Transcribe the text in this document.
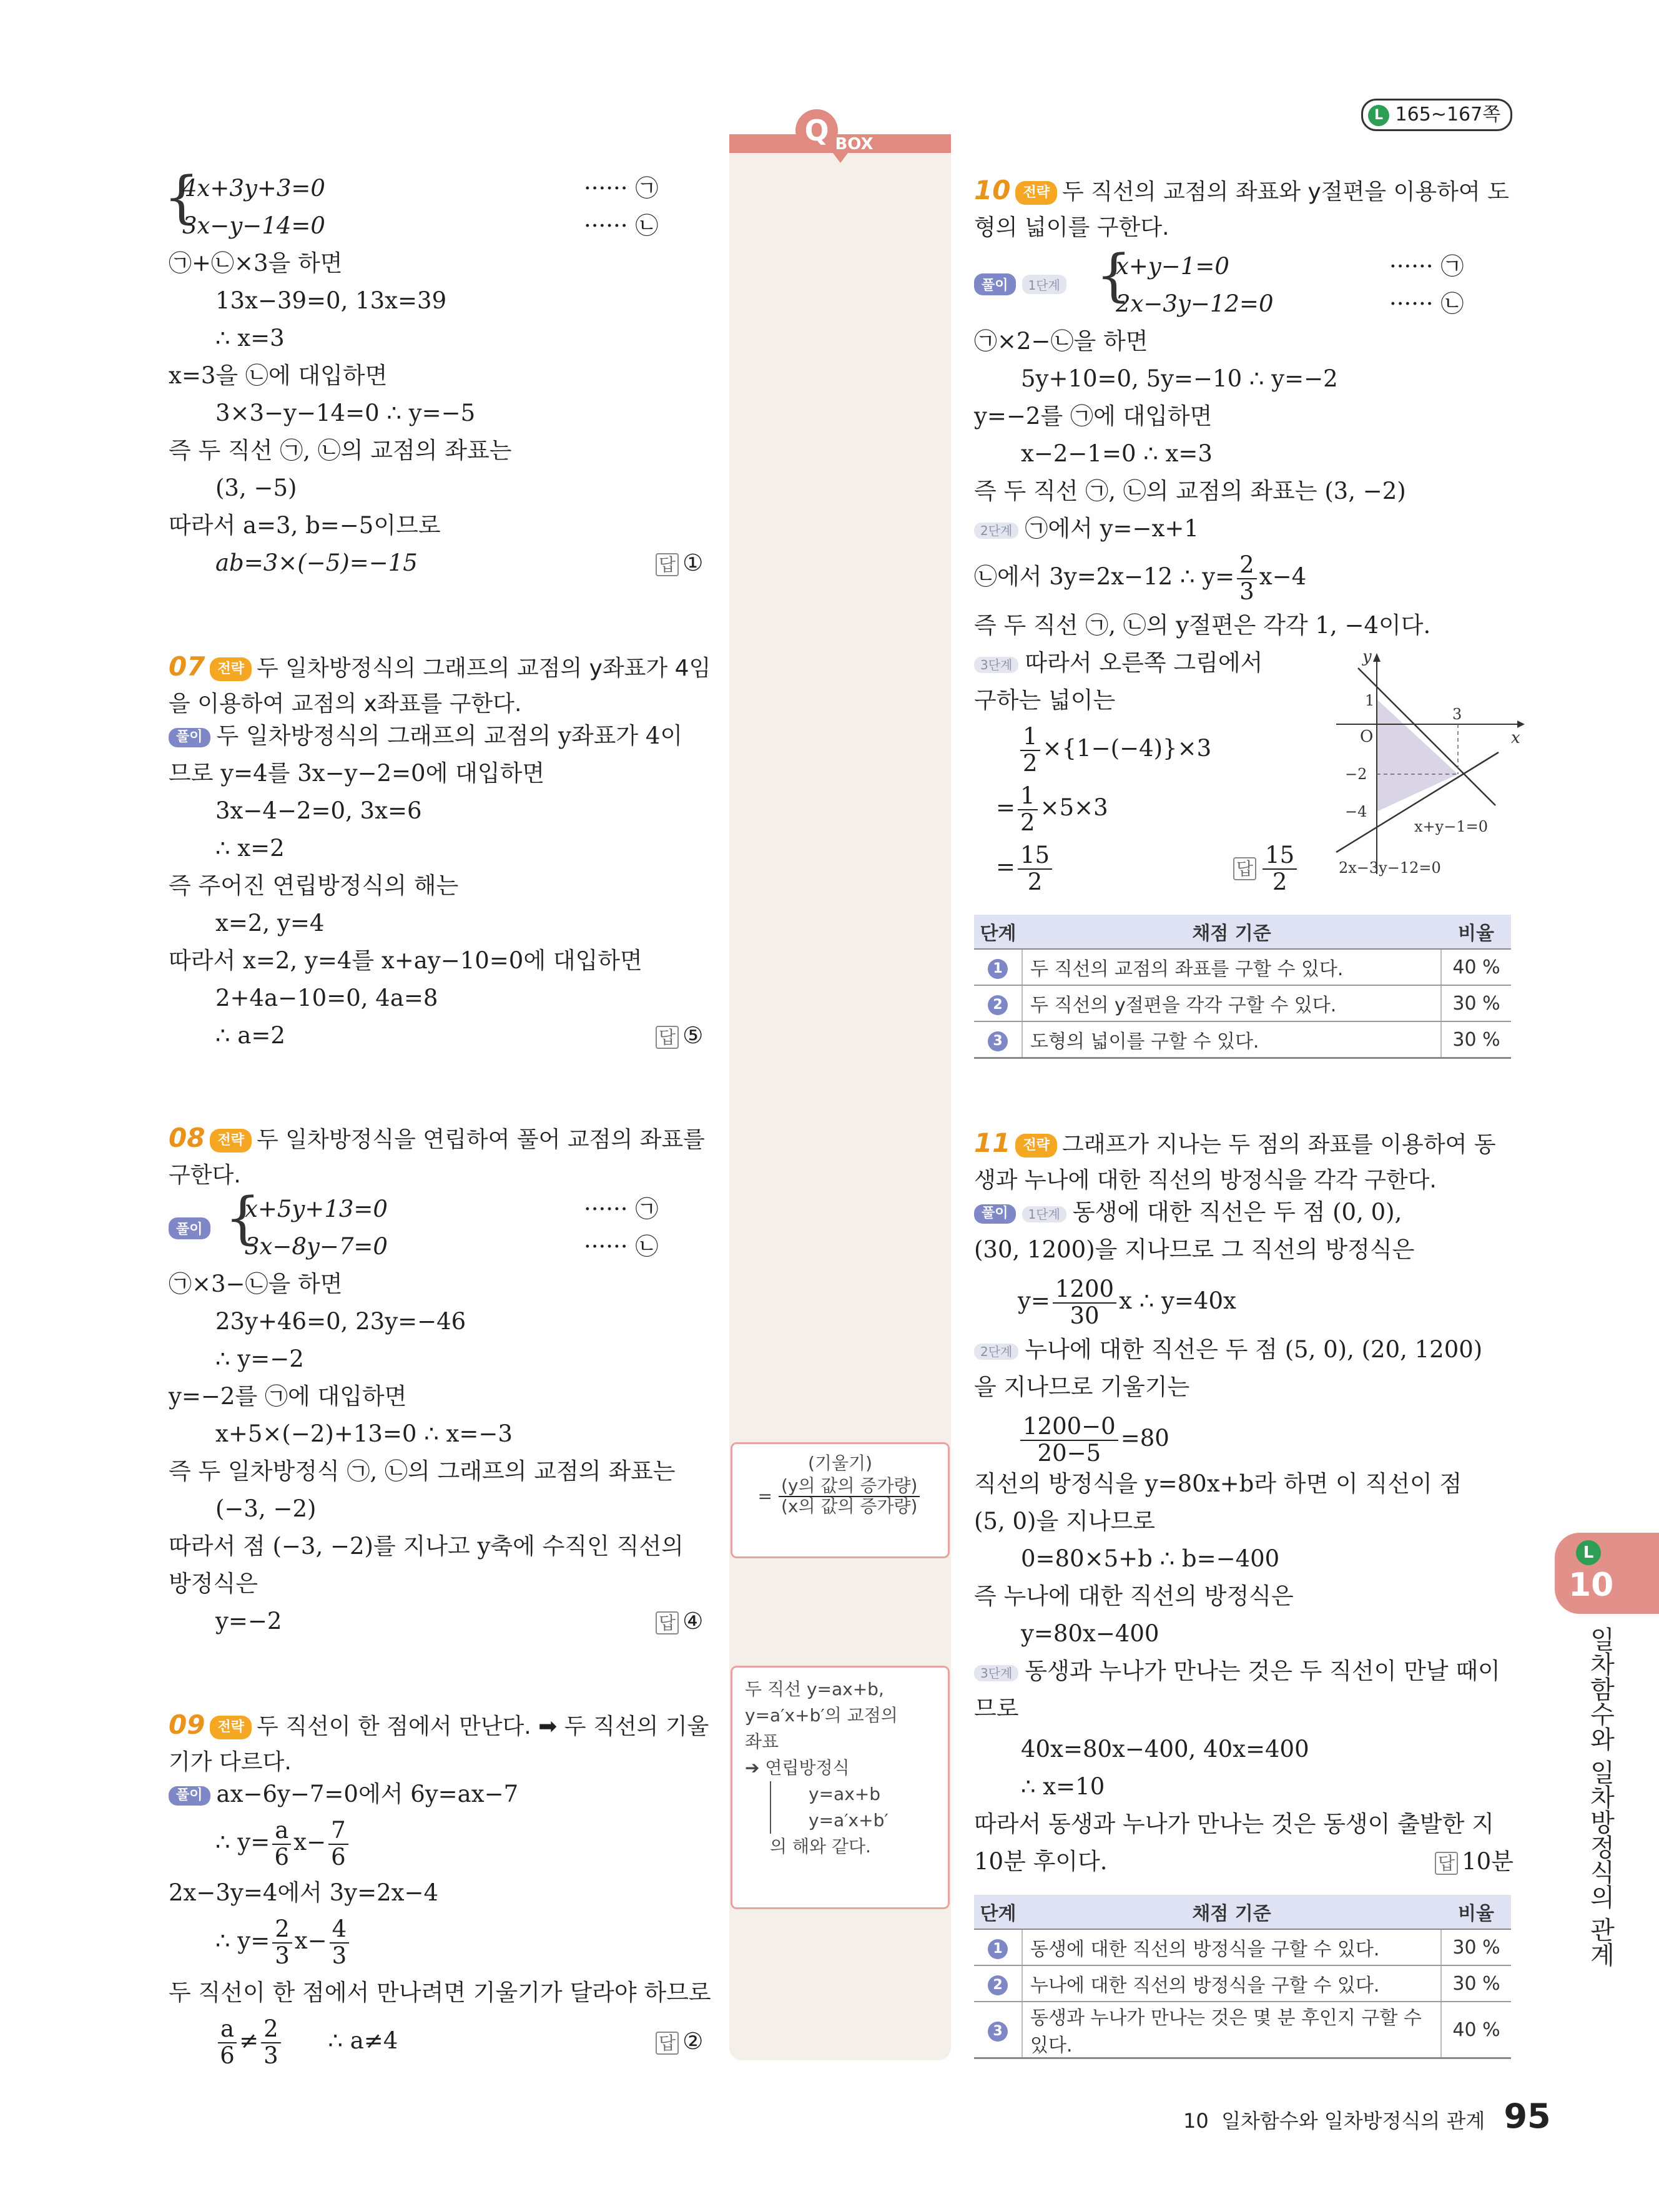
L 165~167쪽
Q BOX
{
4x+3y+3=0
3x−y−14=0
······ ㉠
······ ㉡
㉠+㉡×3을 하면
13x−39=0, 13x=39
∴ x=3
x=3을 ㉡에 대입하면
3×3−y−14=0 ∴ y=−5
즉 두 직선 ㉠, ㉡의 교점의 좌표는
(3, −5)
따라서 a=3, b=−5이므로
ab=3×(−5)=−15	답 ①
07 전략 두 일차방정식의 그래프의 교점의 y좌표가 4임을 이용하여 교점의 x좌표를 구한다.
풀이 두 일차방정식의 그래프의 교점의 y좌표가 4이
므로 y=4를 3x−y−2=0에 대입하면
3x−4−2=0, 3x=6
∴ x=2
즉 주어진 연립방정식의 해는
x=2, y=4
따라서 x=2, y=4를 x+ay−10=0에 대입하면
2+4a−10=0, 4a=8
∴ a=2	답 ⑤
08 전략 두 일차방정식을 연립하여 풀어 교점의 좌표를 구한다.
풀이 {
x+5y+13=0
3x−8y−7=0
······ ㉠
······ ㉡
㉠×3−㉡을 하면
23y+46=0, 23y=−46
∴ y=−2
y=−2를 ㉠에 대입하면
x+5×(−2)+13=0 ∴ x=−3
즉 두 일차방정식 ㉠, ㉡의 그래프의 교점의 좌표는
(−3, −2)
따라서 점 (−3, −2)를 지나고 y축에 수직인 직선의
방정식은
y=−2	답 ④
09 전략 두 직선이 한 점에서 만난다. ➡ 두 직선의 기울기가 다르다.
풀이 ax−6y−7=0에서 6y=ax−7
∴ $y= \frac{a}{6} x- \frac{7}{6}$
2x−3y=4에서 3y=2x−4
∴ $y= \frac{2}{3} x- \frac{4}{3}$
두 직선이 한 점에서 만나려면 기울기가 달라야 하므로
$\frac{a}{6} \ne \frac{2}{3}$ ∴ a≠4	답 ②
(기울기)
= $\frac{\text{(y의 값의 증가량)}}{\text{(x의 값의 증가량)}}$
두 직선 y=ax+b,
y=a′x+b′의 교점의
좌표
➔ 연립방정식
y=ax+b
y=a′x+b′
의 해와 같다.
10 전략 두 직선의 교점의 좌표와 y절편을 이용하여 도형의 넓이를 구한다.
풀이 1단계 {
x+y−1=0
2x−3y−12=0
······ ㉠
······ ㉡
㉠×2−㉡을 하면
5y+10=0, 5y=−10 ∴ y=−2
y=−2를 ㉠에 대입하면
x−2−1=0 ∴ x=3
즉 두 직선 ㉠, ㉡의 교점의 좌표는 (3, −2)
2단계 ㉠에서 y=−x+1
㉡에서 3y=2x−12 ∴ $y= \frac{2}{3} x-4$
즉 두 직선 ㉠, ㉡의 y절편은 각각 1, −4이다.
3단계 따라서 오른쪽 그림에서
구하는 넓이는
$\frac{1}{2} \times\{1-(-4)\}\times 3$
= $\frac{1}{2} \times 5\times 3$
= $\frac{15}{2}$	답 $\frac{15}{2}$
y
x
O
1
3
−2
−4
x+y−1=0
2x−3y−12=0
단계	채점 기준	비율
1	두 직선의 교점의 좌표를 구할 수 있다.	40 %
2	두 직선의 y절편을 각각 구할 수 있다.	30 %
3	도형의 넓이를 구할 수 있다.	30 %
11 전략 그래프가 지나는 두 점의 좌표를 이용하여 동생과 누나에 대한 직선의 방정식을 각각 구한다.
풀이 1단계 동생에 대한 직선은 두 점 (0, 0),
(30, 1200)을 지나므로 그 직선의 방정식은
$y= \frac{1200}{30}$ x ∴ y=40x
2단계 누나에 대한 직선은 두 점 (5, 0), (20, 1200)
을 지나므로 기울기는
$\frac{1200-0}{20-5} =80$
직선의 방정식을 y=80x+b라 하면 이 직선이 점
(5, 0)을 지나므로
0=80×5+b ∴ b=−400
즉 누나에 대한 직선의 방정식은
y=80x−400
3단계 동생과 누나가 만나는 것은 두 직선이 만날 때이
므로
40x=80x−400, 40x=400
∴ x=10
따라서 동생과 누나가 만나는 것은 동생이 출발한 지
10분 후이다.	답 10분
단계	채점 기준	비율
1	동생에 대한 직선의 방정식을 구할 수 있다.	30 %
2	누나에 대한 직선의 방정식을 구할 수 있다.	30 %
3	동생과 누나가 만나는 것은 몇 분 후인지 구할 수 있다.	40 %
L
10
일차함수와 일차방정식의 관계
10 일차함수와 일차방정식의 관계 95
